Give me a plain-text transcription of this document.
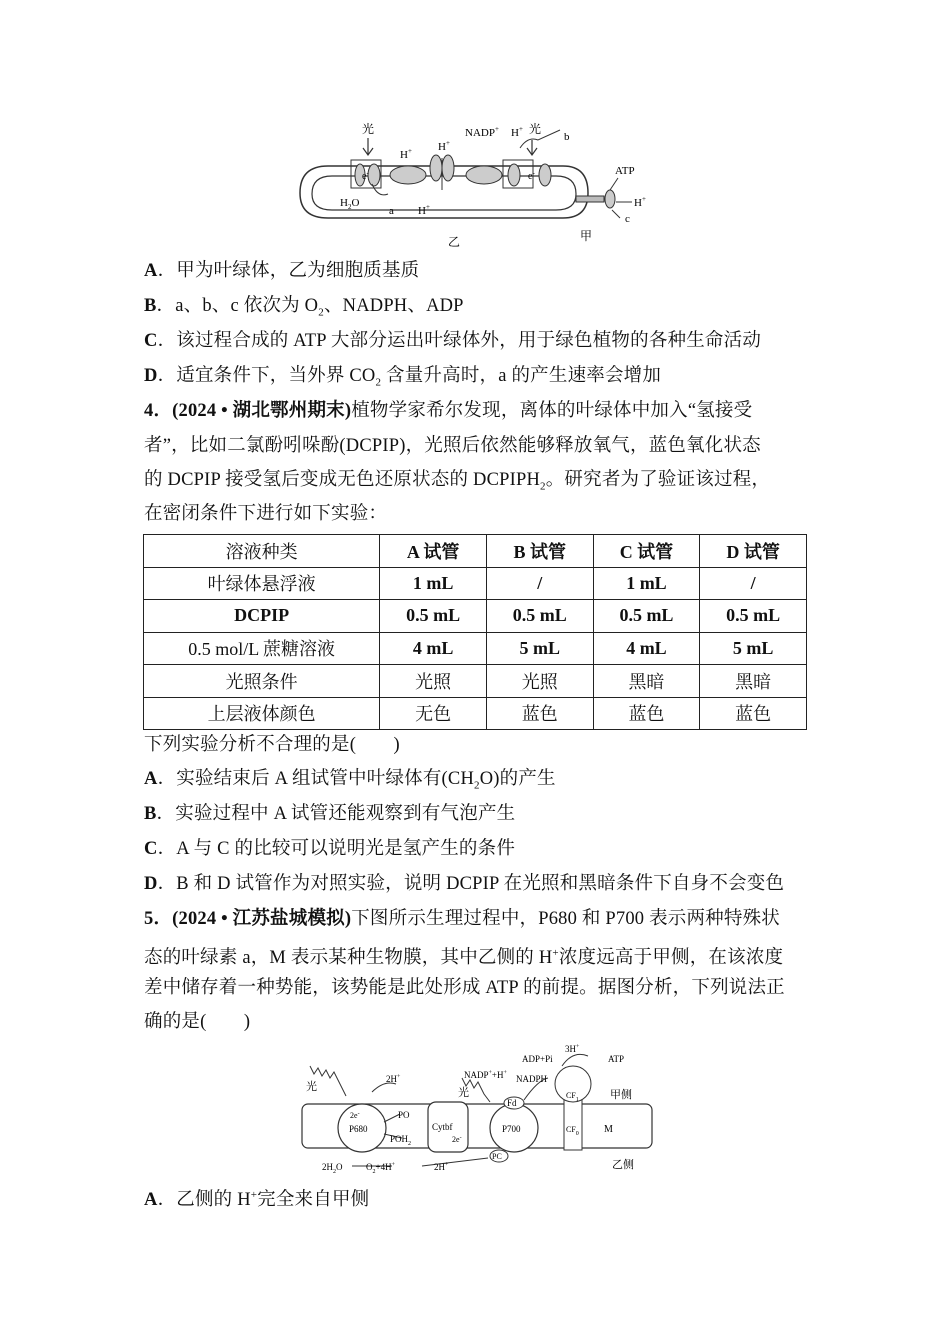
光	光
NADP+
H+ H+
H+
e-	e-
$H_2O$
a
b
c
ATP
H+	H+
乙	甲
A．甲为叶绿体，乙为细胞质基质
B．a、b、c 依次为 $O_2$、NADPH、ADP
C．该过程合成的 ATP 大部分运出叶绿体外，用于绿色植物的各种生命活动
D．适宜条件下，当外界 $CO_2$ 含量升高时，a 的产生速率会增加
4．(2024 • 湖北鄂州期末)植物学家希尔发现，离体的叶绿体中加入“氢接受
者”，比如二氯酚吲哚酚(DCPIP)，光照后依然能够释放氧气，蓝色氧化状态
的 DCPIP 接受氢后变成无色还原状态的 $DCPIPH_2$。研究者为了验证该过程，
在密闭条件下进行如下实验：
溶液种类	A 试管	B 试管	C 试管	D 试管
叶绿体悬浮液	1 mL	/	1 mL	/
DCPIP	0.5 mL	0.5 mL	0.5 mL	0.5 mL
0.5 mol/L 蔗糖溶液	4 mL	5 mL	4 mL	5 mL
光照条件	光照	光照	黑暗	黑暗
上层液体颜色	无色	蓝色	蓝色	蓝色
下列实验分析不合理的是(　　)
A．实验结束后 A 组试管中叶绿体有$(CH_2O)$的产生
B．实验过程中 A 试管还能观察到有气泡产生
C．A 与 C 的比较可以说明光是氢产生的条件
D．B 和 D 试管作为对照实验，说明 DCPIP 在光照和黑暗条件下自身不会变色
5．(2024 • 江苏盐城模拟)下图所示生理过程中，P680 和 P700 表示两种特殊状
态的叶绿素 a，M 表示某种生物膜，其中乙侧的 H+浓度远高于甲侧，在该浓度
差中储存着一种势能，该势能是此处形成 ATP 的前提。据图分析，下列说法正
确的是(　　)
光	光
2H+
2e-
P680
PO
$POH_2$
Cytbf
2e-
Fd
P700
PC
$CF_1$
$CF_0$	M
NADP++H+
NADPH
ADP+Pi
3H+
ATP
甲侧
乙侧
$2H_2O$	$O_2+4H^+$	2H+
A．乙侧的 H+完全来自甲侧
